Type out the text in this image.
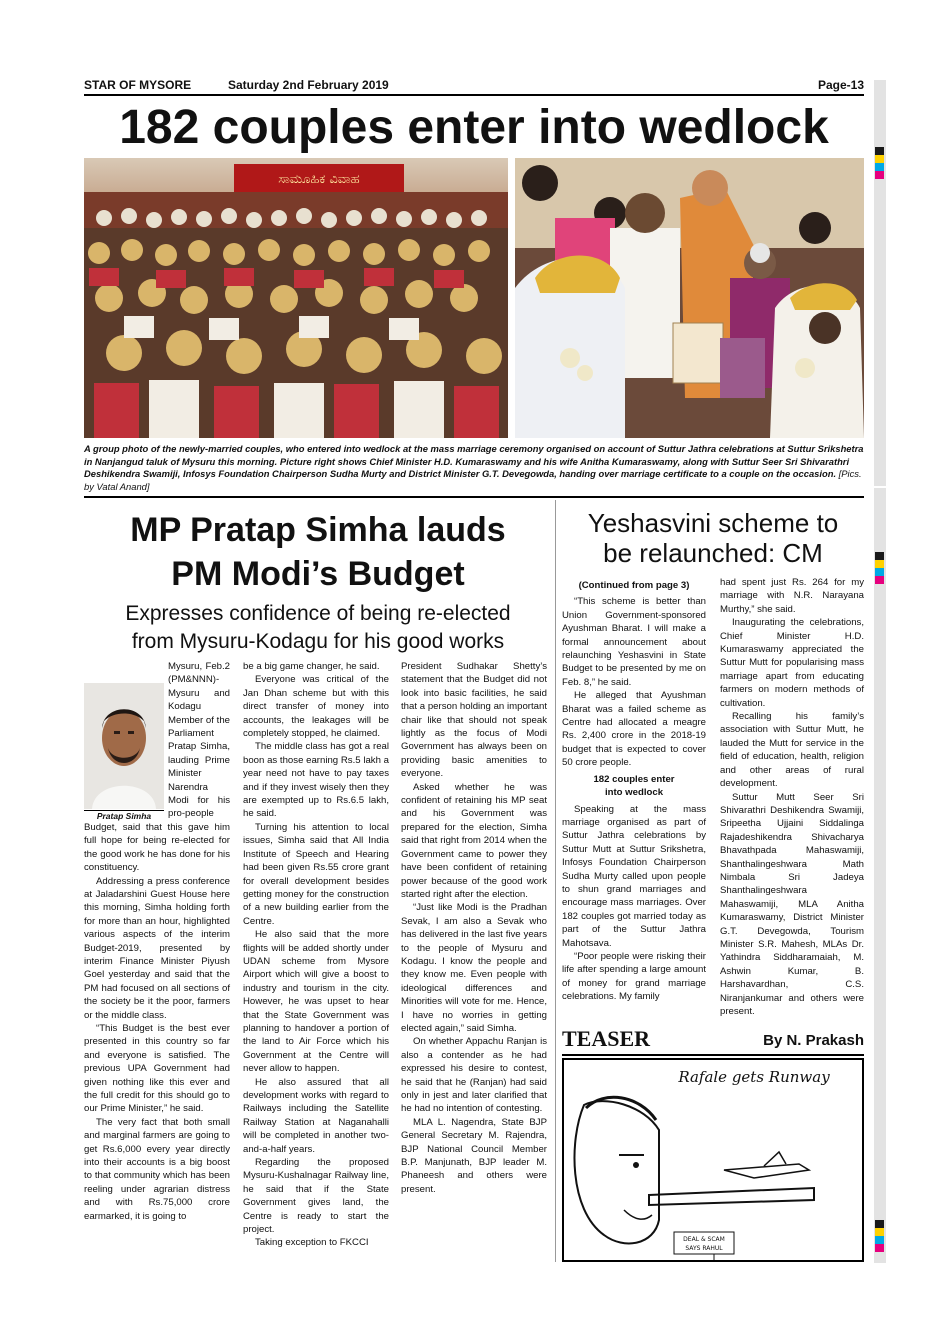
STAR OF MYSORE	Saturday 2nd February 2019	Page-13
182 couples enter into wedlock
ಸಾಮೂಹಿಕ ವಿವಾಹ
A group photo of the newly-married couples, who entered into wedlock at the mass marriage ceremony organised on account of Suttur Jathra celebrations at Suttur Srikshetra in Nanjangud taluk of Mysuru this morning. Picture right shows Chief Minister H.D. Kumaraswamy and his wife Anitha Kumaraswamy, along with Suttur Seer Sri Shivarathri Deshikendra Swamiji, Infosys Foundation Chairperson Sudha Murty and District Minister G.T. Devegowda, handing over marriage certificate to a couple on the occasion. [Pics. by Vatal Anand]
MP Pratap Simha lauds
PM Modi’s Budget
Expresses confidence of being re-elected
from Mysuru-Kodagu for his good works
Pratap Simha

Mysuru, Feb.2 (PM&NNN)- Mysuru and Kodagu Member of the Parliament Pratap Simha, lauding Prime Minister Narendra Modi for his pro-people

Budget, said that this gave him full hope for being re-elected for the good work he has done for his constituency.

Addressing a press conference at Jaladarshini Guest House here this morning, Simha holding forth for more than an hour, highlighted various aspects of the interim Budget-2019, presented by interim Finance Minister Piyush Goel yesterday and said that the PM had focused on all sections of the society be it the poor, farmers or the middle class.

“This Budget is the best ever presented in this country so far and everyone is satisfied. The previous UPA Government had given nothing like this ever and the full credit for this should go to our Prime Minister,” he said.

The very fact that both small and marginal farmers are going to get Rs.6,000 every year directly into their accounts is a big boost to that community which has been reeling under agrarian distress and with Rs.75,000 crore earmarked, it is going to

be a big game changer, he said.

Everyone was critical of the Jan Dhan scheme but with this direct transfer of money into accounts, the leakages will be completely stopped, he claimed.

The middle class has got a real boon as those earning Rs.5 lakh a year need not have to pay taxes and if they invest wisely then they are exempted up to Rs.6.5 lakh, he said.

Turning his attention to local issues, Simha said that All India Institute of Speech and Hearing had been given Rs.55 crore grant for overall development besides getting money for the construction of a new building earlier from the Centre.

He also said that the more flights will be added shortly under UDAN scheme from Mysore Airport which will give a boost to industry and tourism in the city. However, he was upset to hear that the State Government was planning to handover a portion of the land to Air Force which his Government at the Centre will never allow to happen.

He also assured that all development works with regard to Railways including the Satellite Railway Station at Naganahalli will be completed in another two-and-a-half years.

Regarding the proposed Mysuru-Kushalnagar Railway line, he said that if the State Government gives land, the Centre is ready to start the project.

Taking exception to FKCCI

President Sudhakar Shetty’s statement that the Budget did not look into basic facilities, he said that a person holding an important chair like that should not speak lightly as the focus of Modi Government has always been on providing basic amenities to everyone.

Asked whether he was confident of retaining his MP seat and his Government was prepared for the election, Simha said that right from 2014 when the Government came to power they have been confident of retaining power because of the good work started right after the election.

“Just like Modi is the Pradhan Sevak, I am also a Sevak who has delivered in the last five years to the people of Mysuru and Kodagu. I know the people and they know me. Even people with ideological differences and Minorities will vote for me. Hence, I have no worries in getting elected again,” said Simha.

On whether Appachu Ranjan is also a contender as he had expressed his desire to contest, he said that he (Ranjan) had said only in jest and later clarified that he had no intention of contesting.

MLA L. Nagendra, State BJP General Secretary M. Rajendra, BJP National Council Member B.P. Manjunath, BJP leader M. Phaneesh and others were present.

Yeshasvini scheme to
be relaunched: CM

(Continued from page 3)

“This scheme is better than Union Government-sponsored Ayushman Bharat. I will make a formal announcement about relaunching Yeshasvini in State Budget to be presented by me on Feb. 8,” he said.

He alleged that Ayushman Bharat was a failed scheme as Centre had allocated a meagre Rs. 2,400 crore in the 2018-19 budget that is expected to cover 50 crore people.

182 couples enter
into wedlock

Speaking at the mass marriage organised as part of Suttur Jathra celebrations by Suttur Mutt at Suttur Srikshetra, Infosys Foundation Chairperson Sudha Murty called upon people to shun grand marriages and encourage mass marriages. Over 182 couples got married today as part of the Suttur Jathra Mahotsava.

“Poor people were risking their life after spending a large amount of money for grand marriage celebrations. My family

had spent just Rs. 264 for my marriage with N.R. Narayana Murthy,” she said.

Inaugurating the celebrations, Chief Minister H.D. Kumaraswamy appreciated the Suttur Mutt for popularising mass marriage apart from educating farmers on modern methods of cultivation.

Recalling his family’s association with Suttur Mutt, he lauded the Mutt for service in the field of education, health, religion and other areas of rural development.

Suttur Mutt Seer Sri Shivarathri Deshikendra Swamiji, Sripeetha Ujjaini Siddalinga Rajadeshikendra Shivacharya Bhavathpada Mahaswamiji, Shanthalingeshwara Math Nimbala Sri Jadeya Shanthalingeshwara Mahaswamiji, MLA Anitha Kumaraswamy, District Minister G.T. Devegowda, Tourism Minister S.R. Mahesh, MLAs Dr. Yathindra Siddharamaiah, M. Ashwin Kumar, B. Harshavardhan, C.S. Niranjankumar and others were present.

TEASER	By N. Prakash
Rafale gets Runway
DEAL & SCAM
SAYS RAHUL
